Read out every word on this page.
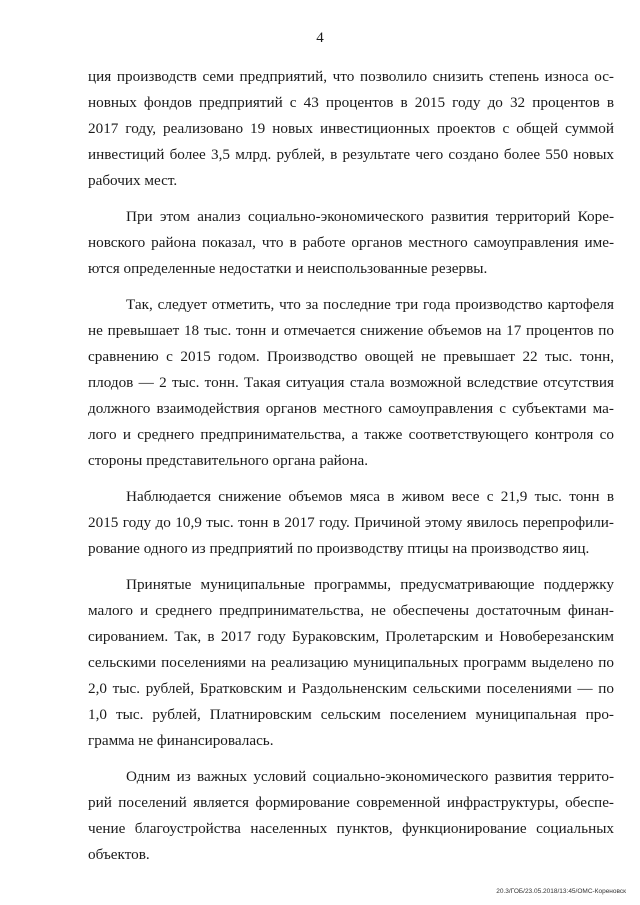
4

ция производств семи предприятий, что позволило снизить степень износа ос-
новных фондов предприятий с 43 процентов в 2015 году до 32 процентов в
2017 году, реализовано 19 новых инвестиционных проектов с общей суммой
инвестиций более 3,5 млрд. рублей, в результате чего создано более 550 новых
рабочих мест.

При этом анализ социально-экономического развития территорий Коре-
новского района показал, что в работе органов местного самоуправления име-
ются определенные недостатки и неиспользованные резервы.

Так, следует отметить, что за последние три года производство картофеля
не превышает 18 тыс. тонн и отмечается снижение объемов на 17 процентов по
сравнению с 2015 годом. Производство овощей не превышает 22 тыс. тонн,
плодов — 2 тыс. тонн. Такая ситуация стала возможной вследствие отсутствия
должного взаимодействия органов местного самоуправления с субъектами ма-
лого и среднего предпринимательства, а также соответствующего контроля со
стороны представительного органа района.

Наблюдается снижение объемов мяса в живом весе с 21,9 тыс. тонн в
2015 году до 10,9 тыс. тонн в 2017 году. Причиной этому явилось перепрофили-
рование одного из предприятий по производству птицы на производство яиц.

Принятые муниципальные программы, предусматривающие поддержку
малого и среднего предпринимательства, не обеспечены достаточным финан-
сированием. Так, в 2017 году Бураковским, Пролетарским и Новоберезанским
сельскими поселениями на реализацию муниципальных программ выделено по
2,0 тыс. рублей, Братковским и Раздольненским сельскими поселениями — по
1,0 тыс. рублей, Платнировским сельским поселением муниципальная про-
грамма не финансировалась.

Одним из важных условий социально-экономического развития террито-
рий поселений является формирование современной инфраструктуры, обеспе-
чение благоустройства населенных пунктов, функционирование социальных
объектов.

20.3/ГОБ/23.05.2018/13:45/ОМС-Кореновск
